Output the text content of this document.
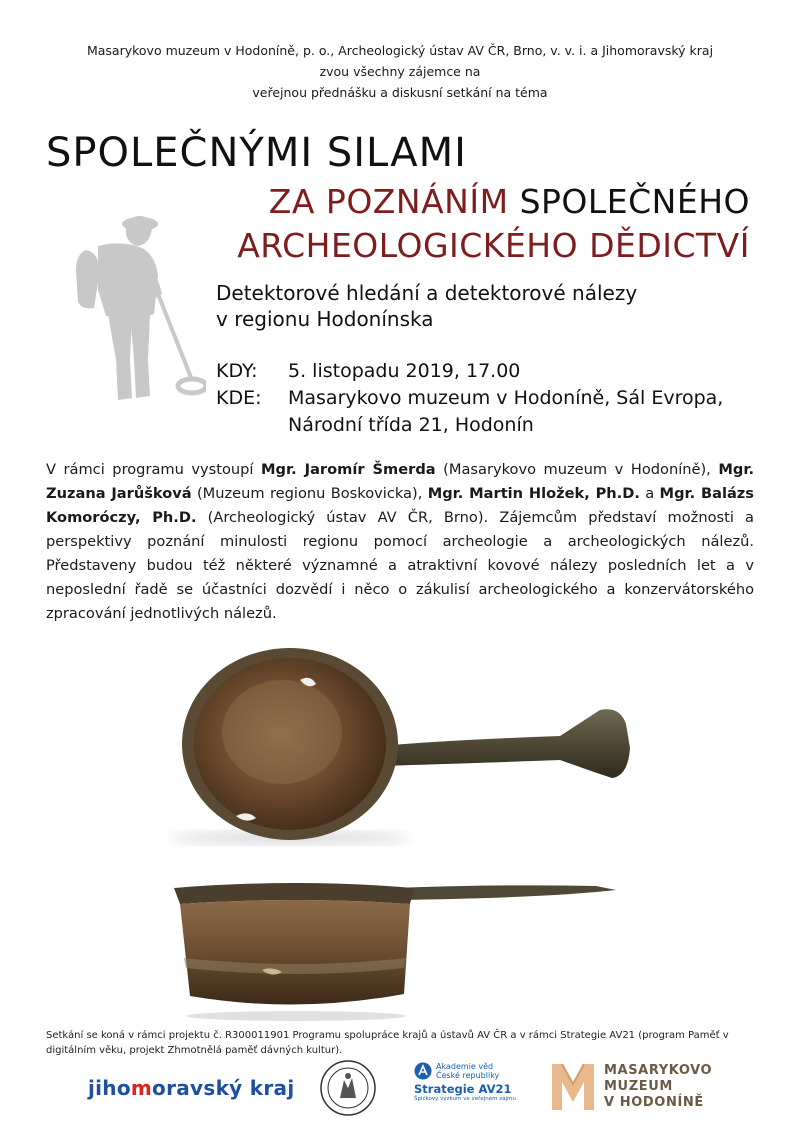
Masarykovo muzeum v Hodoníně, p. o., Archeologický ústav AV ČR, Brno, v. v. i. a Jihomoravský kraj
zvou všechny zájemce na
veřejnou přednášku a diskusní setkání na téma
SPOLEČNÝMI SILAMI
ZA POZNÁNÍM SPOLEČNÉHO
ARCHEOLOGICKÉHO DĚDICTVÍ
Detektorové hledání a detektorové nálezy
v regionu Hodonínska
KDY:	5. listopadu 2019, 17.00
KDE:	Masarykovo muzeum v Hodoníně, Sál Evropa,
Národní třída 21, Hodonín
V rámci programu vystoupí Mgr. Jaromír Šmerda (Masarykovo muzeum v Hodoníně), Mgr. Zuzana Jarůšková (Muzeum regionu Boskovicka), Mgr. Martin Hložek, Ph.D. a Mgr. Balázs Komoróczy, Ph.D. (Archeologický ústav AV ČR, Brno). Zájemcům představí možnosti a perspektivy poznání minulosti regionu pomocí archeologie a archeologických nálezů. Představeny budou též některé významné a atraktivní kovové nálezy posledních let a v neposlední řadě se účastníci dozvědí i něco o zákulisí archeologického a konzervátorského zpracování jednotlivých nálezů.
Setkání se koná v rámci projektu č. R300011901 Programu spolupráce krajů a ústavů AV ČR a v rámci Strategie AV21 (program Paměť v digitálním věku, projekt Zhmotnělá paměť dávných kultur).
jihomoravský kraj
Akademie věd
České republiky
Strategie AV21
Špičkový výzkum ve veřejném zájmu
MASARYKOVO
MUZEUM
V HODONÍNĚ
